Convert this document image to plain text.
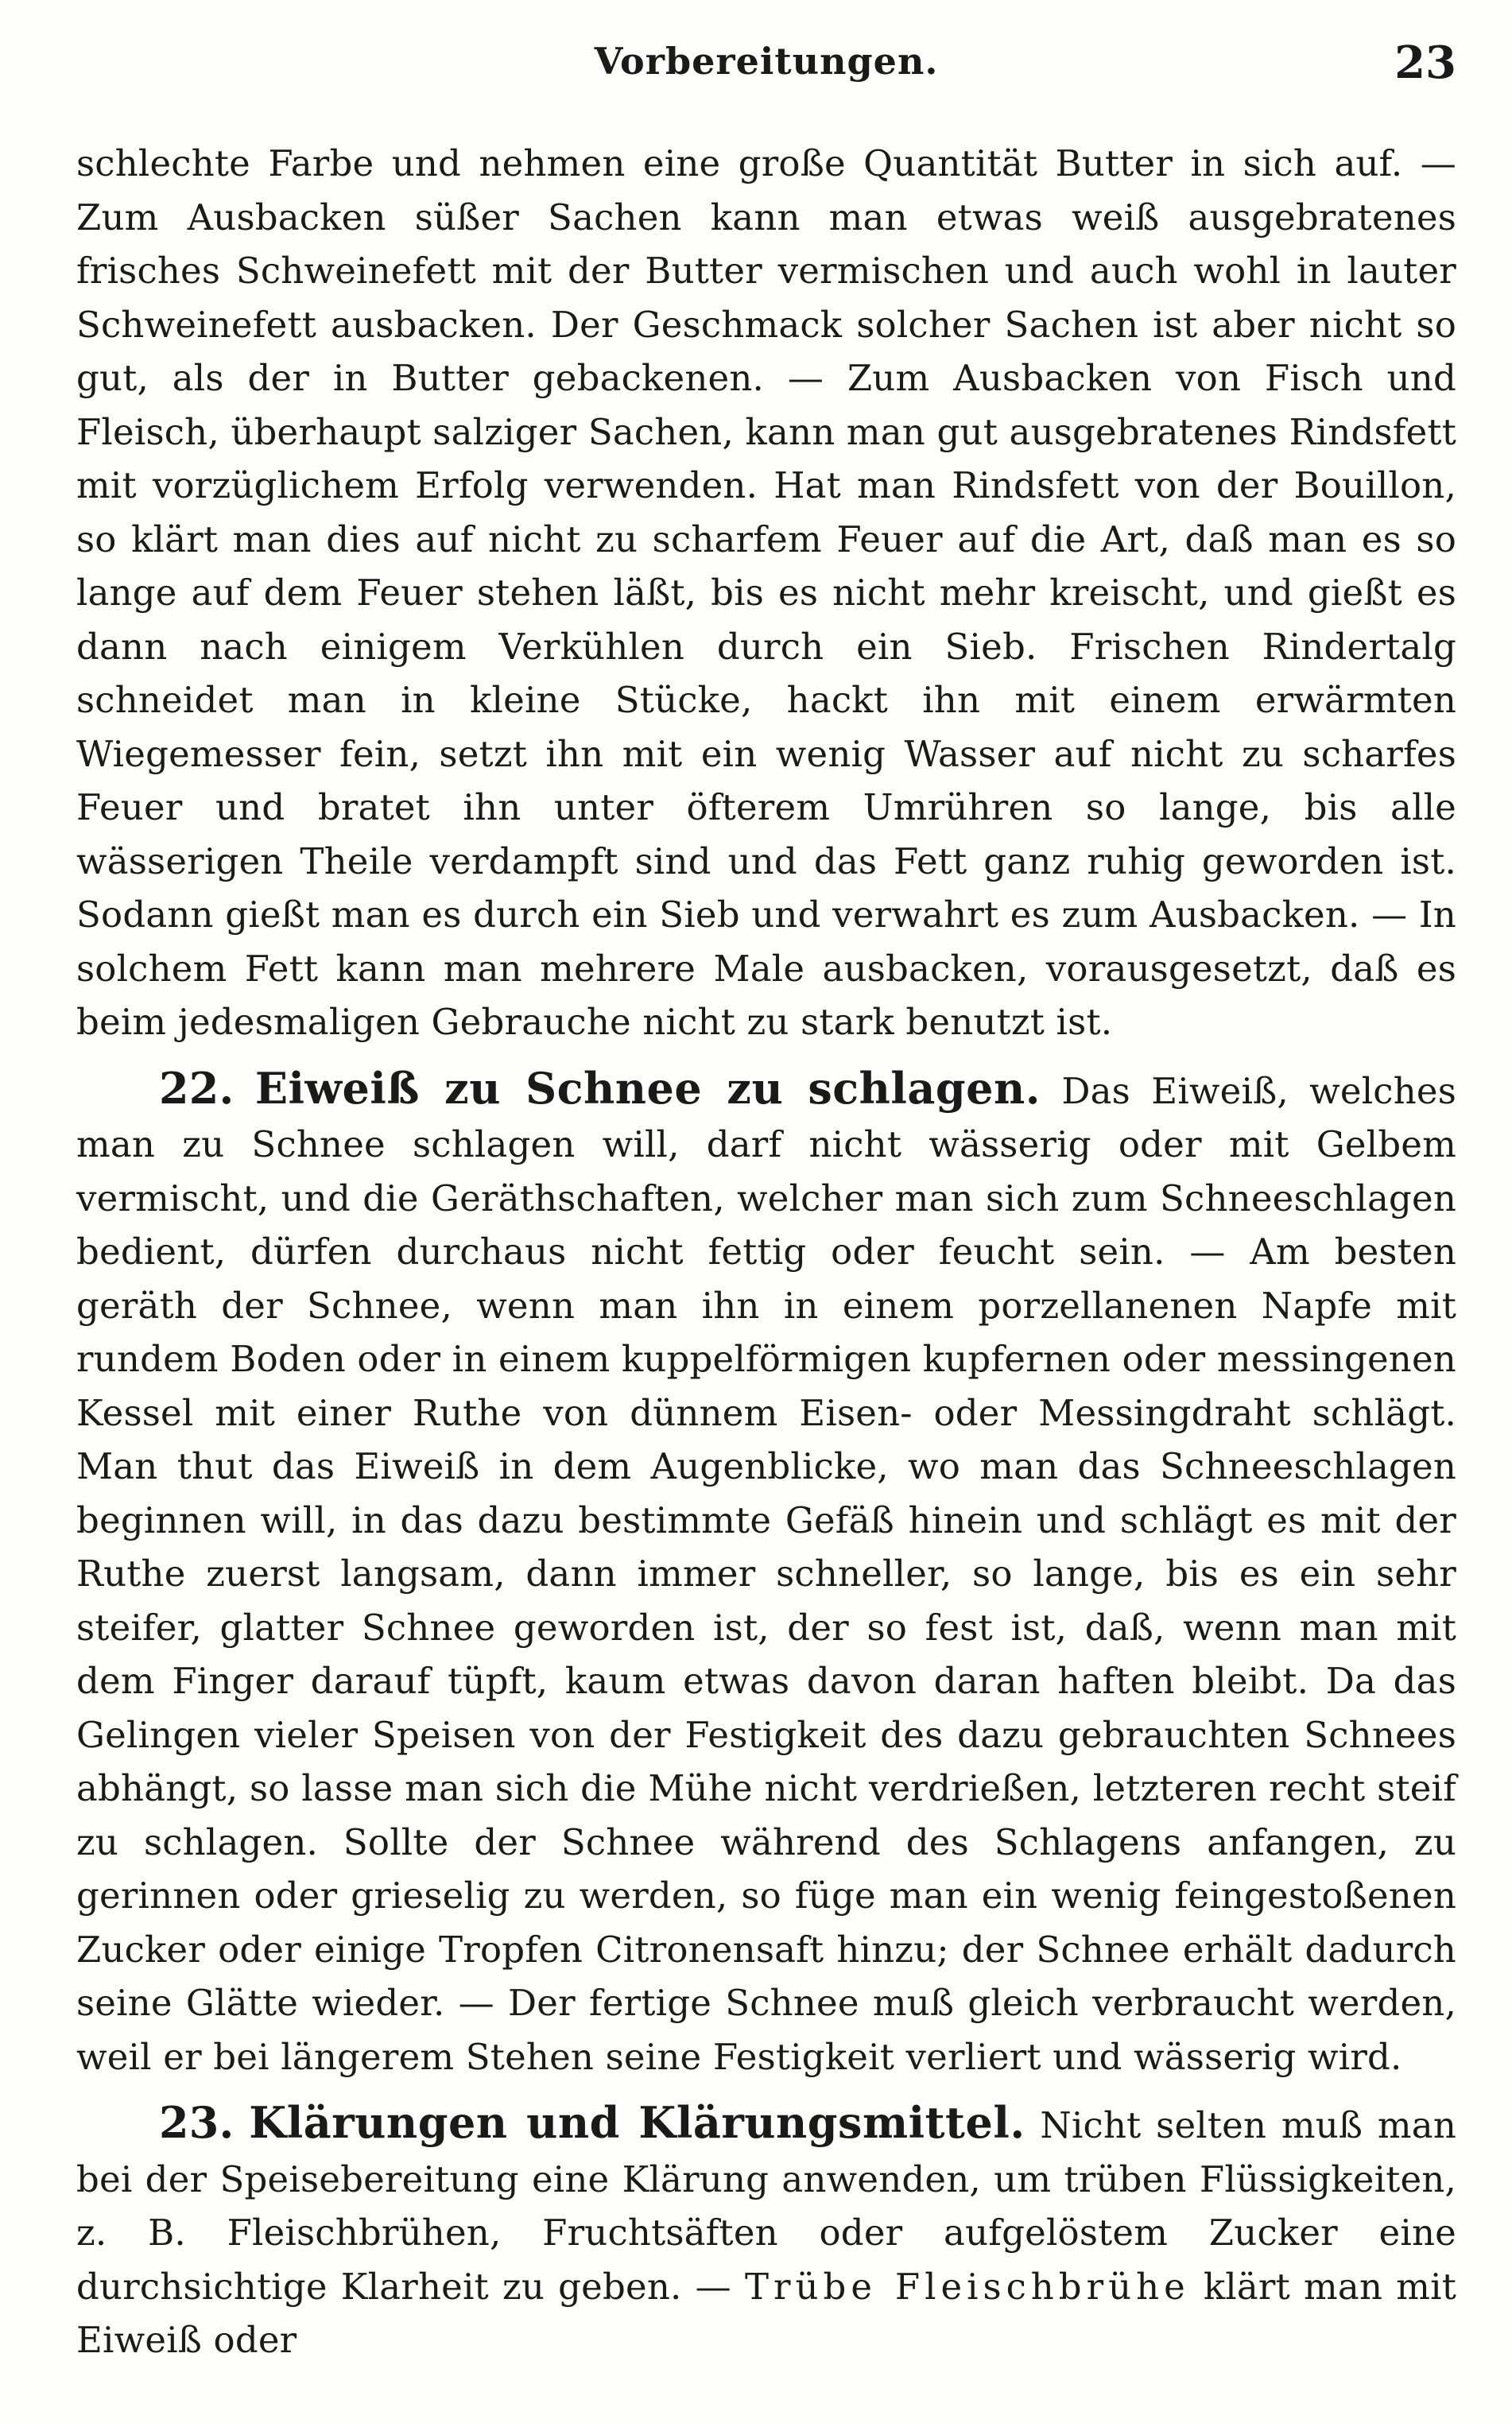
Vorbereitungen.	23

schlechte Farbe und nehmen eine große Quantität Butter in sich auf. — Zum Ausbacken süßer Sachen kann man etwas weiß ausgebratenes frisches Schweinefett mit der Butter vermischen und auch wohl in lauter Schweinefett ausbacken. Der Geschmack solcher Sachen ist aber nicht so gut, als der in Butter gebackenen. — Zum Ausbacken von Fisch und Fleisch, überhaupt salziger Sachen, kann man gut ausgebratenes Rindsfett mit vorzüglichem Erfolg verwenden. Hat man Rindsfett von der Bouillon, so klärt man dies auf nicht zu scharfem Feuer auf die Art, daß man es so lange auf dem Feuer stehen läßt, bis es nicht mehr kreischt, und gießt es dann nach einigem Verkühlen durch ein Sieb. Frischen Rindertalg schneidet man in kleine Stücke, hackt ihn mit einem erwärmten Wiegemesser fein, setzt ihn mit ein wenig Wasser auf nicht zu scharfes Feuer und bratet ihn unter öfterem Umrühren so lange, bis alle wässerigen Theile verdampft sind und das Fett ganz ruhig geworden ist. Sodann gießt man es durch ein Sieb und verwahrt es zum Ausbacken. — In solchem Fett kann man mehrere Male ausbacken, vorausgesetzt, daß es beim jedesmaligen Gebrauche nicht zu stark benutzt ist.

22. Eiweiß zu Schnee zu schlagen. Das Eiweiß, welches man zu Schnee schlagen will, darf nicht wässerig oder mit Gelbem vermischt, und die Geräthschaften, welcher man sich zum Schneeschlagen bedient, dürfen durchaus nicht fettig oder feucht sein. — Am besten geräth der Schnee, wenn man ihn in einem porzellanenen Napfe mit rundem Boden oder in einem kuppelförmigen kupfernen oder messingenen Kessel mit einer Ruthe von dünnem Eisen- oder Messingdraht schlägt. Man thut das Eiweiß in dem Augenblicke, wo man das Schneeschlagen beginnen will, in das dazu bestimmte Gefäß hinein und schlägt es mit der Ruthe zuerst langsam, dann immer schneller, so lange, bis es ein sehr steifer, glatter Schnee geworden ist, der so fest ist, daß, wenn man mit dem Finger darauf tüpft, kaum etwas davon daran haften bleibt. Da das Gelingen vieler Speisen von der Festigkeit des dazu gebrauchten Schnees abhängt, so lasse man sich die Mühe nicht verdrießen, letzteren recht steif zu schlagen. Sollte der Schnee während des Schlagens anfangen, zu gerinnen oder grieselig zu werden, so füge man ein wenig feingestoßenen Zucker oder einige Tropfen Citronensaft hinzu; der Schnee erhält dadurch seine Glätte wieder. — Der fertige Schnee muß gleich verbraucht werden, weil er bei längerem Stehen seine Festigkeit verliert und wässerig wird.

23. Klärungen und Klärungsmittel. Nicht selten muß man bei der Speisebereitung eine Klärung anwenden, um trüben Flüssigkeiten, z. B. Fleischbrühen, Fruchtsäften oder aufgelöstem Zucker eine durchsichtige Klarheit zu geben. — Trübe Fleischbrühe klärt man mit Eiweiß oder
